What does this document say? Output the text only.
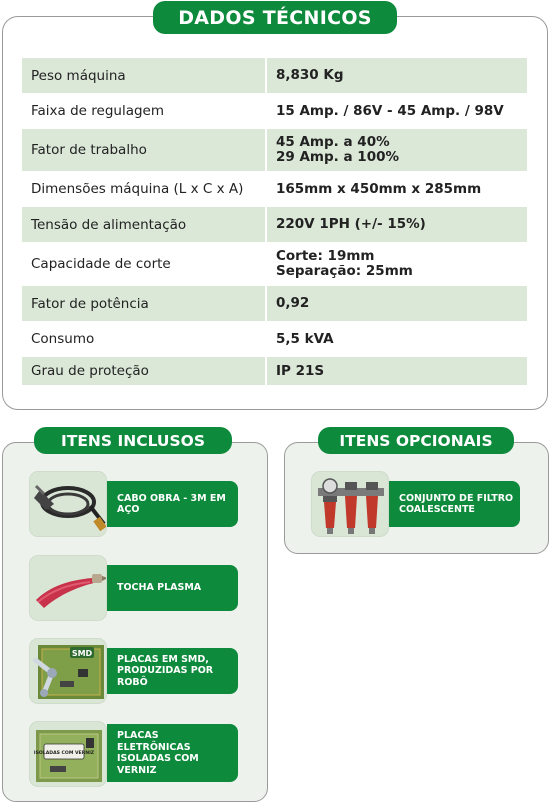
DADOS TÉCNICOS
Peso máquina	8,830 Kg
Faixa de regulagem	15 Amp. / 86V - 45 Amp. / 98V
Fator de trabalho	45 Amp. a 40%
29 Amp. a 100%
Dimensões máquina (L x C x A)	165mm x 450mm x 285mm
Tensão de alimentação	220V 1PH (+/- 15%)
Capacidade de corte	Corte: 19mm
Separação: 25mm
Fator de potência	0,92
Consumo	5,5 kVA
Grau de proteção	IP 21S
ITENS INCLUSOS
CABO OBRA - 3M EM AÇO
TOCHA PLASMA
SMD
PLACAS EM SMD, PRODUZIDAS POR ROBÔ
ISOLADAS COM VERNIZ
PLACAS ELETRÔNICAS ISOLADAS COM VERNIZ
ITENS OPCIONAIS
CONJUNTO DE FILTRO COALESCENTE
